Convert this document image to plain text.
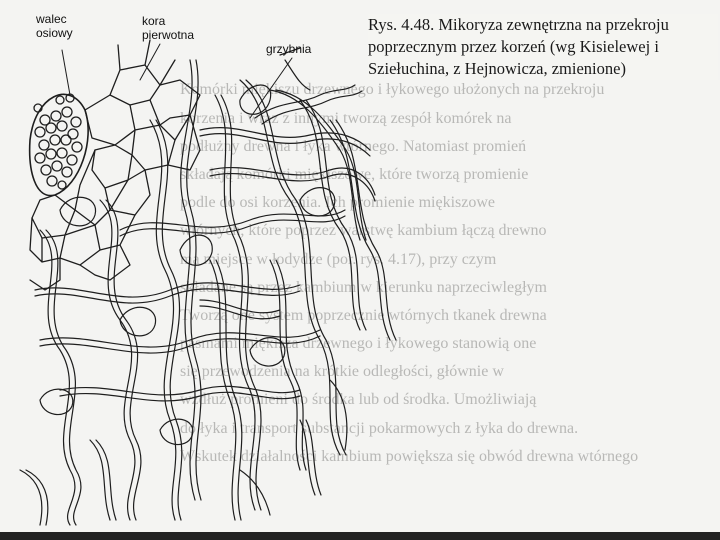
Komórki miękiszu drzewnego i łykowego ułożonych na przekroju
korzenia i wraz z innymi tworzą zespół komórek na
podłużny drewna i łyka wtórnego. Natomiast promień
składają komórki miękiszowe, które tworzą promienie
podle do osi korzenia. Ich promienie miękiszowe
wtórnych, które poprzez warstwę kambium łączą drewno
ma miejsce w łodydze (por. rys. 4.17), przy czym
składane są przez kambium w kierunku naprzeciwległym
Tworzą one system poprzecznie wtórnych tkanek drewna
pasmami miękisza drzewnego i łykowego stanowią one
się przewodzenia na krótkie odległości, głównie w
wzdłuż promieni do środka lub od środka. Umożliwiają
do łyka i transport substancji pokarmowych z łyka do drewna.
Wskutek działalności kambium powiększa się obwód drewna wtórnego
walec osiowy
kora pierwotna
grzybnia
Rys. 4.48. Mikoryza zewnętrzna na przekroju poprzecznym przez korzeń (wg Kisielewej i Sziełuchina, z Hejnowicza, zmienione)
